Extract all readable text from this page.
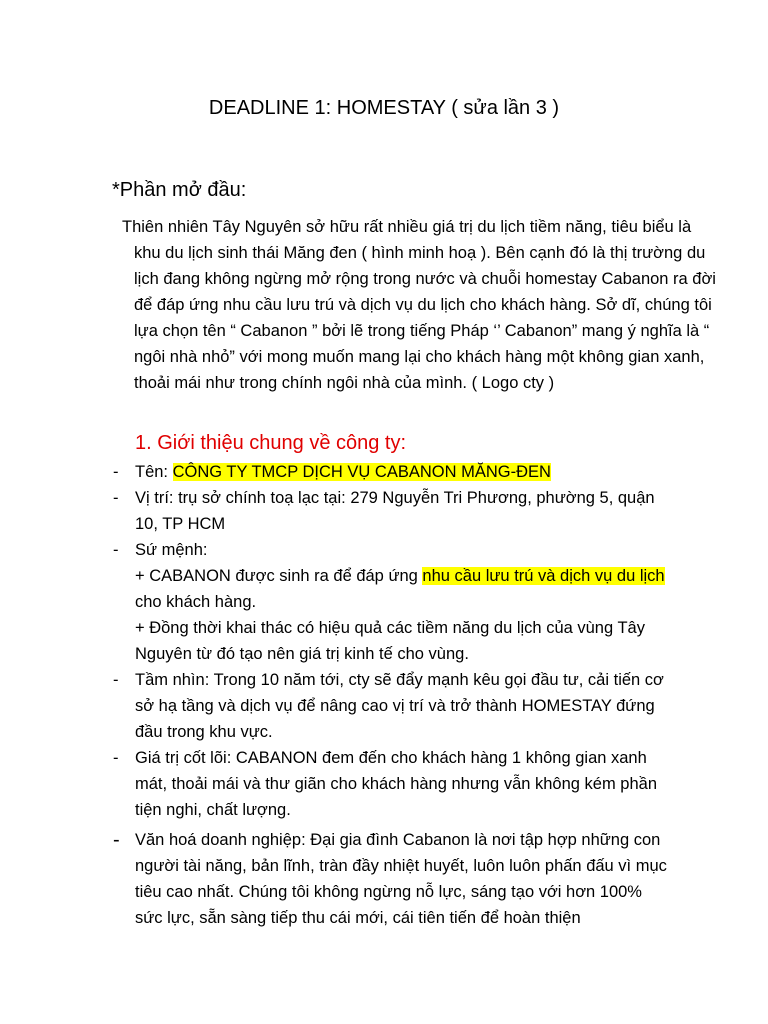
DEADLINE 1: HOMESTAY ( sửa lần 3 )
*Phần mở đầu:
Thiên nhiên Tây Nguyên sở hữu rất nhiều giá trị du lịch tiềm năng, tiêu biểu là khu du lịch sinh thái Măng đen ( hình minh hoạ ). Bên cạnh đó là thị trường du lịch đang không ngừng mở rộng trong nước và chuỗi homestay Cabanon ra đời để đáp ứng nhu cầu lưu trú và dịch vụ du lịch cho khách hàng. Sở dĩ, chúng tôi lựa chọn tên “ Cabanon ” bởi lẽ trong tiếng Pháp ‘’ Cabanon” mang ý nghĩa là “ ngôi nhà nhỏ” với mong muốn mang lại cho khách hàng một không gian xanh, thoải mái như trong chính ngôi nhà của mình. ( Logo cty )
1. Giới thiệu chung về công ty:
- Tên: CÔNG TY TMCP DỊCH VỤ CABANON MĂNG-ĐEN
- Vị trí: trụ sở chính toạ lạc tại: 279 Nguyễn Tri Phương, phường 5, quận 10, TP HCM
- Sứ mệnh:
+ CABANON được sinh ra để đáp ứng nhu cầu lưu trú và dịch vụ du lịch cho khách hàng.
+ Đồng thời khai thác có hiệu quả các tiềm năng du lịch của vùng Tây Nguyên từ đó tạo nên giá trị kinh tế cho vùng.
- Tầm nhìn: Trong 10 năm tới, cty sẽ đẩy mạnh kêu gọi đầu tư, cải tiến cơ sở hạ tầng và dịch vụ để nâng cao vị trí và trở thành HOMESTAY đứng đầu trong khu vực.
- Giá trị cốt lõi: CABANON đem đến cho khách hàng 1 không gian xanh mát, thoải mái và thư giãn cho khách hàng nhưng vẫn không kém phần tiện nghi, chất lượng.
- Văn hoá doanh nghiệp: Đại gia đình Cabanon là nơi tập hợp những con người tài năng, bản lĩnh, tràn đầy nhiệt huyết, luôn luôn phấn đấu vì mục tiêu cao nhất. Chúng tôi không ngừng nỗ lực, sáng tạo với hơn 100% sức lực, sẵn sàng tiếp thu cái mới, cái tiên tiến để hoàn thiện
